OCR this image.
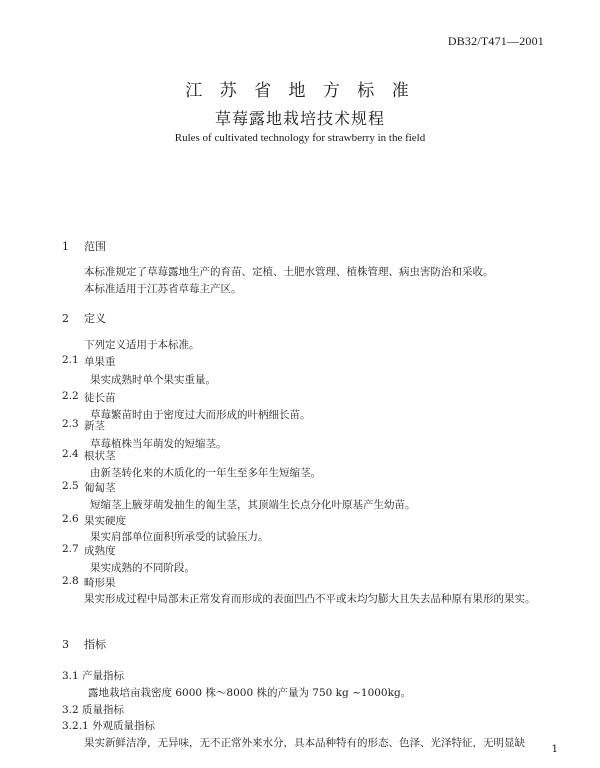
DB32/T471—2001
江 苏 省 地 方 标 准
草莓露地栽培技术规程
Rules of cultivated technology for strawberry in the field
1 范围
本标准规定了草莓露地生产的育苗、定植、土肥水管理、植株管理、病虫害防治和采收。
本标准适用于江苏省草莓主产区。
2 定义
下列定义适用于本标准。
2.1 单果重
果实成熟时单个果实重量。
2.2 徒长苗
草莓繁苗时由于密度过大而形成的叶柄细长苗。
2.3 新茎
草莓植株当年萌发的短缩茎。
2.4 根状茎
由新茎转化来的木质化的一年生至多年生短缩茎。
2.5 匍匐茎
短缩茎上腋芽萌发抽生的匍生茎，其顶端生长点分化叶原基产生幼苗。
2.6 果实硬度
果实肩部单位面积所承受的试验压力。
2.7 成熟度
果实成熟的不同阶段。
2.8 畸形果
果实形成过程中局部未正常发育而形成的表面凹凸不平或未均匀膨大且失去品种原有果形的果实。
3 指标
3.1 产量指标
露地栽培亩栽密度 6000 株～8000 株的产量为 750 kg ~1000kg。
3.2 质量指标
3.2.1 外观质量指标
果实新鲜洁净，无异味，无不正常外来水分，具本品种特有的形态、色泽、光泽特征，无明显缺
1
